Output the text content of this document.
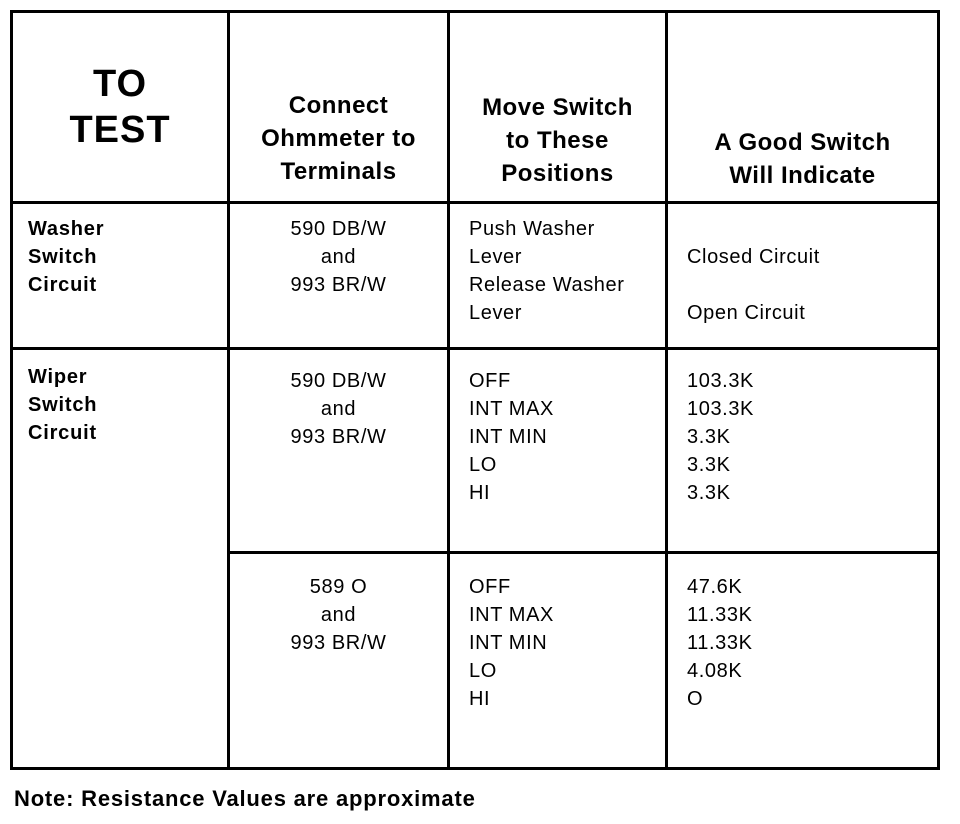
TO
TEST
Connect
Ohmmeter to
Terminals
Move Switch
to These
Positions
A Good Switch
Will Indicate
Washer
Switch
Circuit
590 DB/W
and
993 BR/W
Push Washer
Lever
Release Washer
Lever
Closed Circuit
Open Circuit
Wiper
Switch
Circuit
590 DB/W
and
993 BR/W
OFF
INT MAX
INT MIN
LO
HI
103.3K
103.3K
3.3K
3.3K
3.3K
589 O
and
993 BR/W
OFF
INT MAX
INT MIN
LO
HI
47.6K
11.33K
11.33K
4.08K
O
Note: Resistance Values are approximate
